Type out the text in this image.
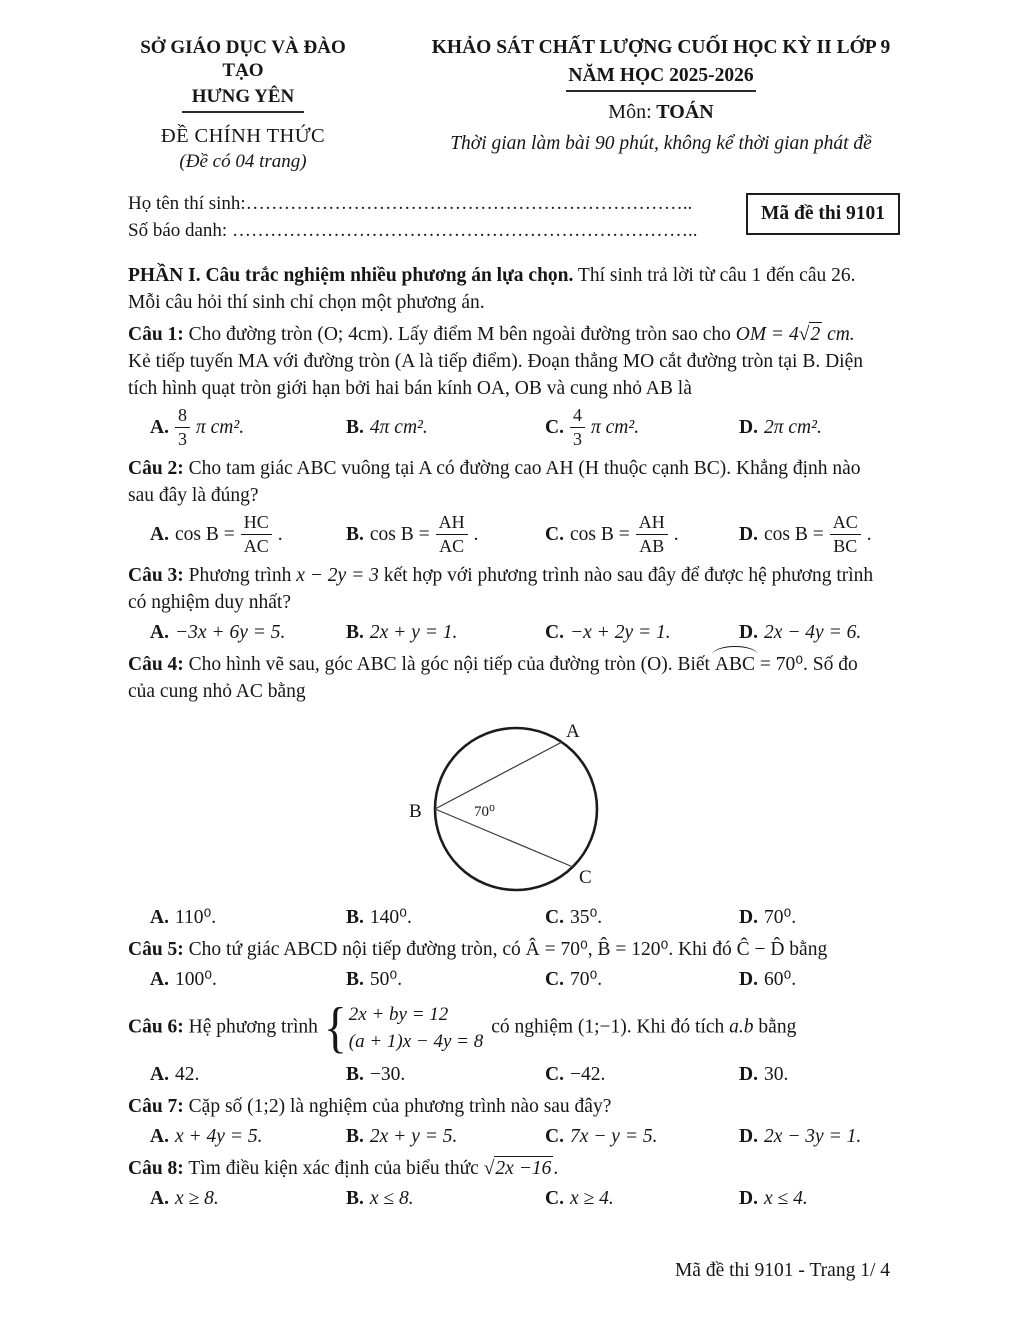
SỞ GIÁO DỤC VÀ ĐÀO TẠO
HƯNG YÊN
ĐỀ CHÍNH THỨC
(Đề có 04 trang)
KHẢO SÁT CHẤT LƯỢNG CUỐI HỌC KỲ II LỚP 9
NĂM HỌC 2025-2026
Môn: TOÁN
Thời gian làm bài 90 phút, không kể thời gian phát đề
Họ tên thí sinh:……………………………………………………………..
Số báo danh: ………………………………………………………………..
Mã đề thi 9101
PHẦN I. Câu trắc nghiệm nhiều phương án lựa chọn. Thí sinh trả lời từ câu 1 đến câu 26.
Mỗi câu hỏi thí sinh chỉ chọn một phương án.
Câu 1: Cho đường tròn (O; 4cm). Lấy điểm M bên ngoài đường tròn sao cho OM = 4 √ 2 cm.
Kẻ tiếp tuyến MA với đường tròn (A là tiếp điểm). Đoạn thẳng MO cắt đường tròn tại B. Diện
tích hình quạt tròn giới hạn bởi hai bán kính OA, OB và cung nhỏ AB là
A. $\frac{8}{3}$ π cm².	B. 4π cm².	C. $\frac{4}{3}$ π cm².	D. 2π cm².
Câu 2: Cho tam giác ABC vuông tại A có đường cao AH (H thuộc cạnh BC). Khẳng định nào
sau đây là đúng?
A. $\cos B = \frac{HC}{AC}$ .	B. $\cos B = \frac{AH}{AC}$ .	C. $\cos B = \frac{AH}{AB}$ .	D. $\cos B = \frac{AC}{BC}$ .
Câu 3: Phương trình x − 2y = 3 kết hợp với phương trình nào sau đây để được hệ phương trình
có nghiệm duy nhất?
A. −3x + 6y = 5.	B. 2x + y = 1.	C. −x + 2y = 1.	D. 2x − 4y = 6.
Câu 4: Cho hình vẽ sau, góc ABC là góc nội tiếp của đường tròn (O). Biết ABC = 70⁰. Số đo
của cung nhỏ AC bằng
A
B
C
70⁰
A. 110⁰.	B. 140⁰.	C. 35⁰.	D. 70⁰.
Câu 5: Cho tứ giác ABCD nội tiếp đường tròn, có Â = 70⁰, B̂ = 120⁰. Khi đó Ĉ − D̂ bằng
A. 100⁰.	B. 50⁰.	C. 70⁰.	D. 60⁰.
Câu 6: Hệ phương trình
{
2x + by = 12
(a + 1)x − 4y = 8
có nghiệm (1;−1). Khi đó tích a.b bằng
A. 42.	B. −30.	C. −42.	D. 30.
Câu 7: Cặp số (1;2) là nghiệm của phương trình nào sau đây?
A. x + 4y = 5.	B. 2x + y = 5.	C. 7x − y = 5.	D. 2x − 3y = 1.
Câu 8: Tìm điều kiện xác định của biểu thức √ 2x −16 .
A. x ≥ 8.	B. x ≤ 8.	C. x ≥ 4.	D. x ≤ 4.
Mã đề thi 9101 - Trang 1/ 4
